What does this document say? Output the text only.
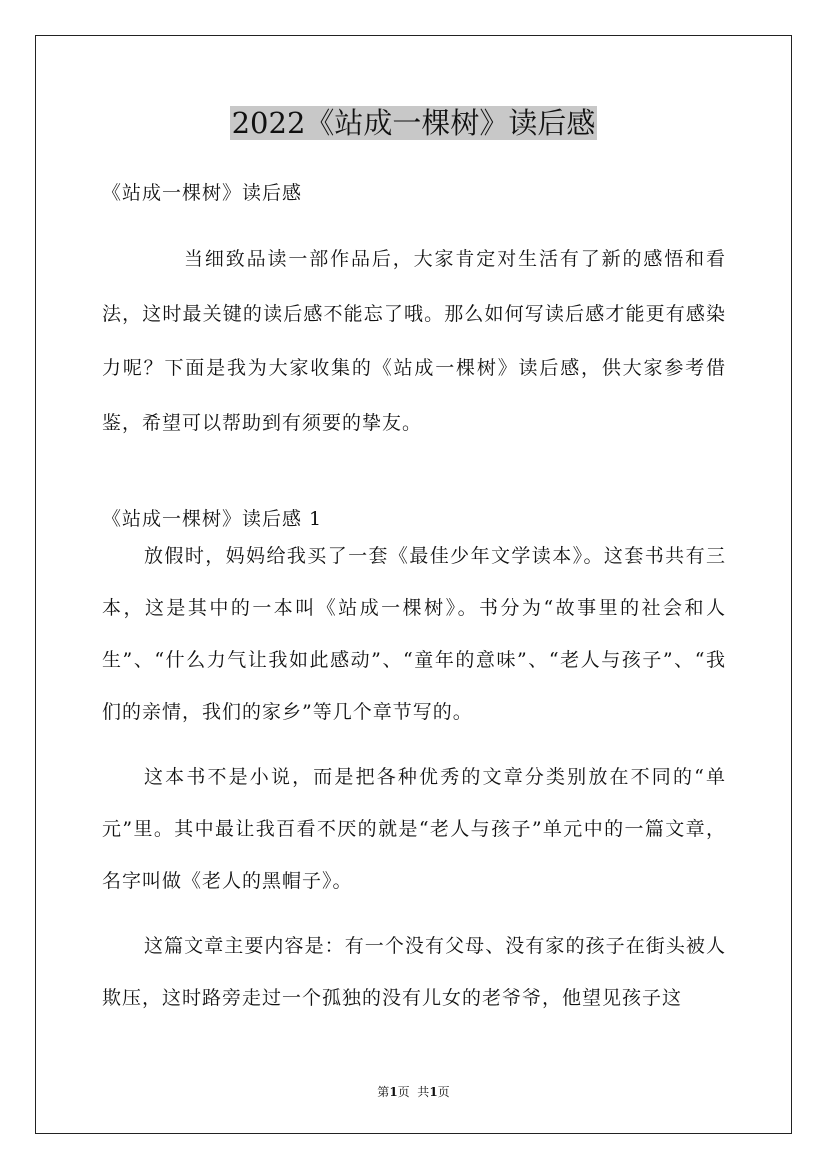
2022《站成一棵树》读后感
《站成一棵树》读后感
当细致品读一部作品后，大家肯定对生活有了新的感悟和看法，这时最关键的读后感不能忘了哦。那么如何写读后感才能更有感染力呢？下面是我为大家收集的《站成一棵树》读后感，供大家参考借鉴，希望可以帮助到有须要的挚友。
《站成一棵树》读后感 1

放假时，妈妈给我买了一套《最佳少年文学读本》。这套书共有三本，这是其中的一本叫《站成一棵树》。书分为“故事里的社会和人生”、“什么力气让我如此感动”、“童年的意味”、“老人与孩子”、“我们的亲情，我们的家乡”等几个章节写的。

这本书不是小说，而是把各种优秀的文章分类别放在不同的“单元”里。其中最让我百看不厌的就是“老人与孩子”单元中的一篇文章，名字叫做《老人的黑帽子》。

这篇文章主要内容是：有一个没有父母、没有家的孩子在街头被人欺压，这时路旁走过一个孤独的没有儿女的老爷爷，他望见孩子这

第1页  共1页
